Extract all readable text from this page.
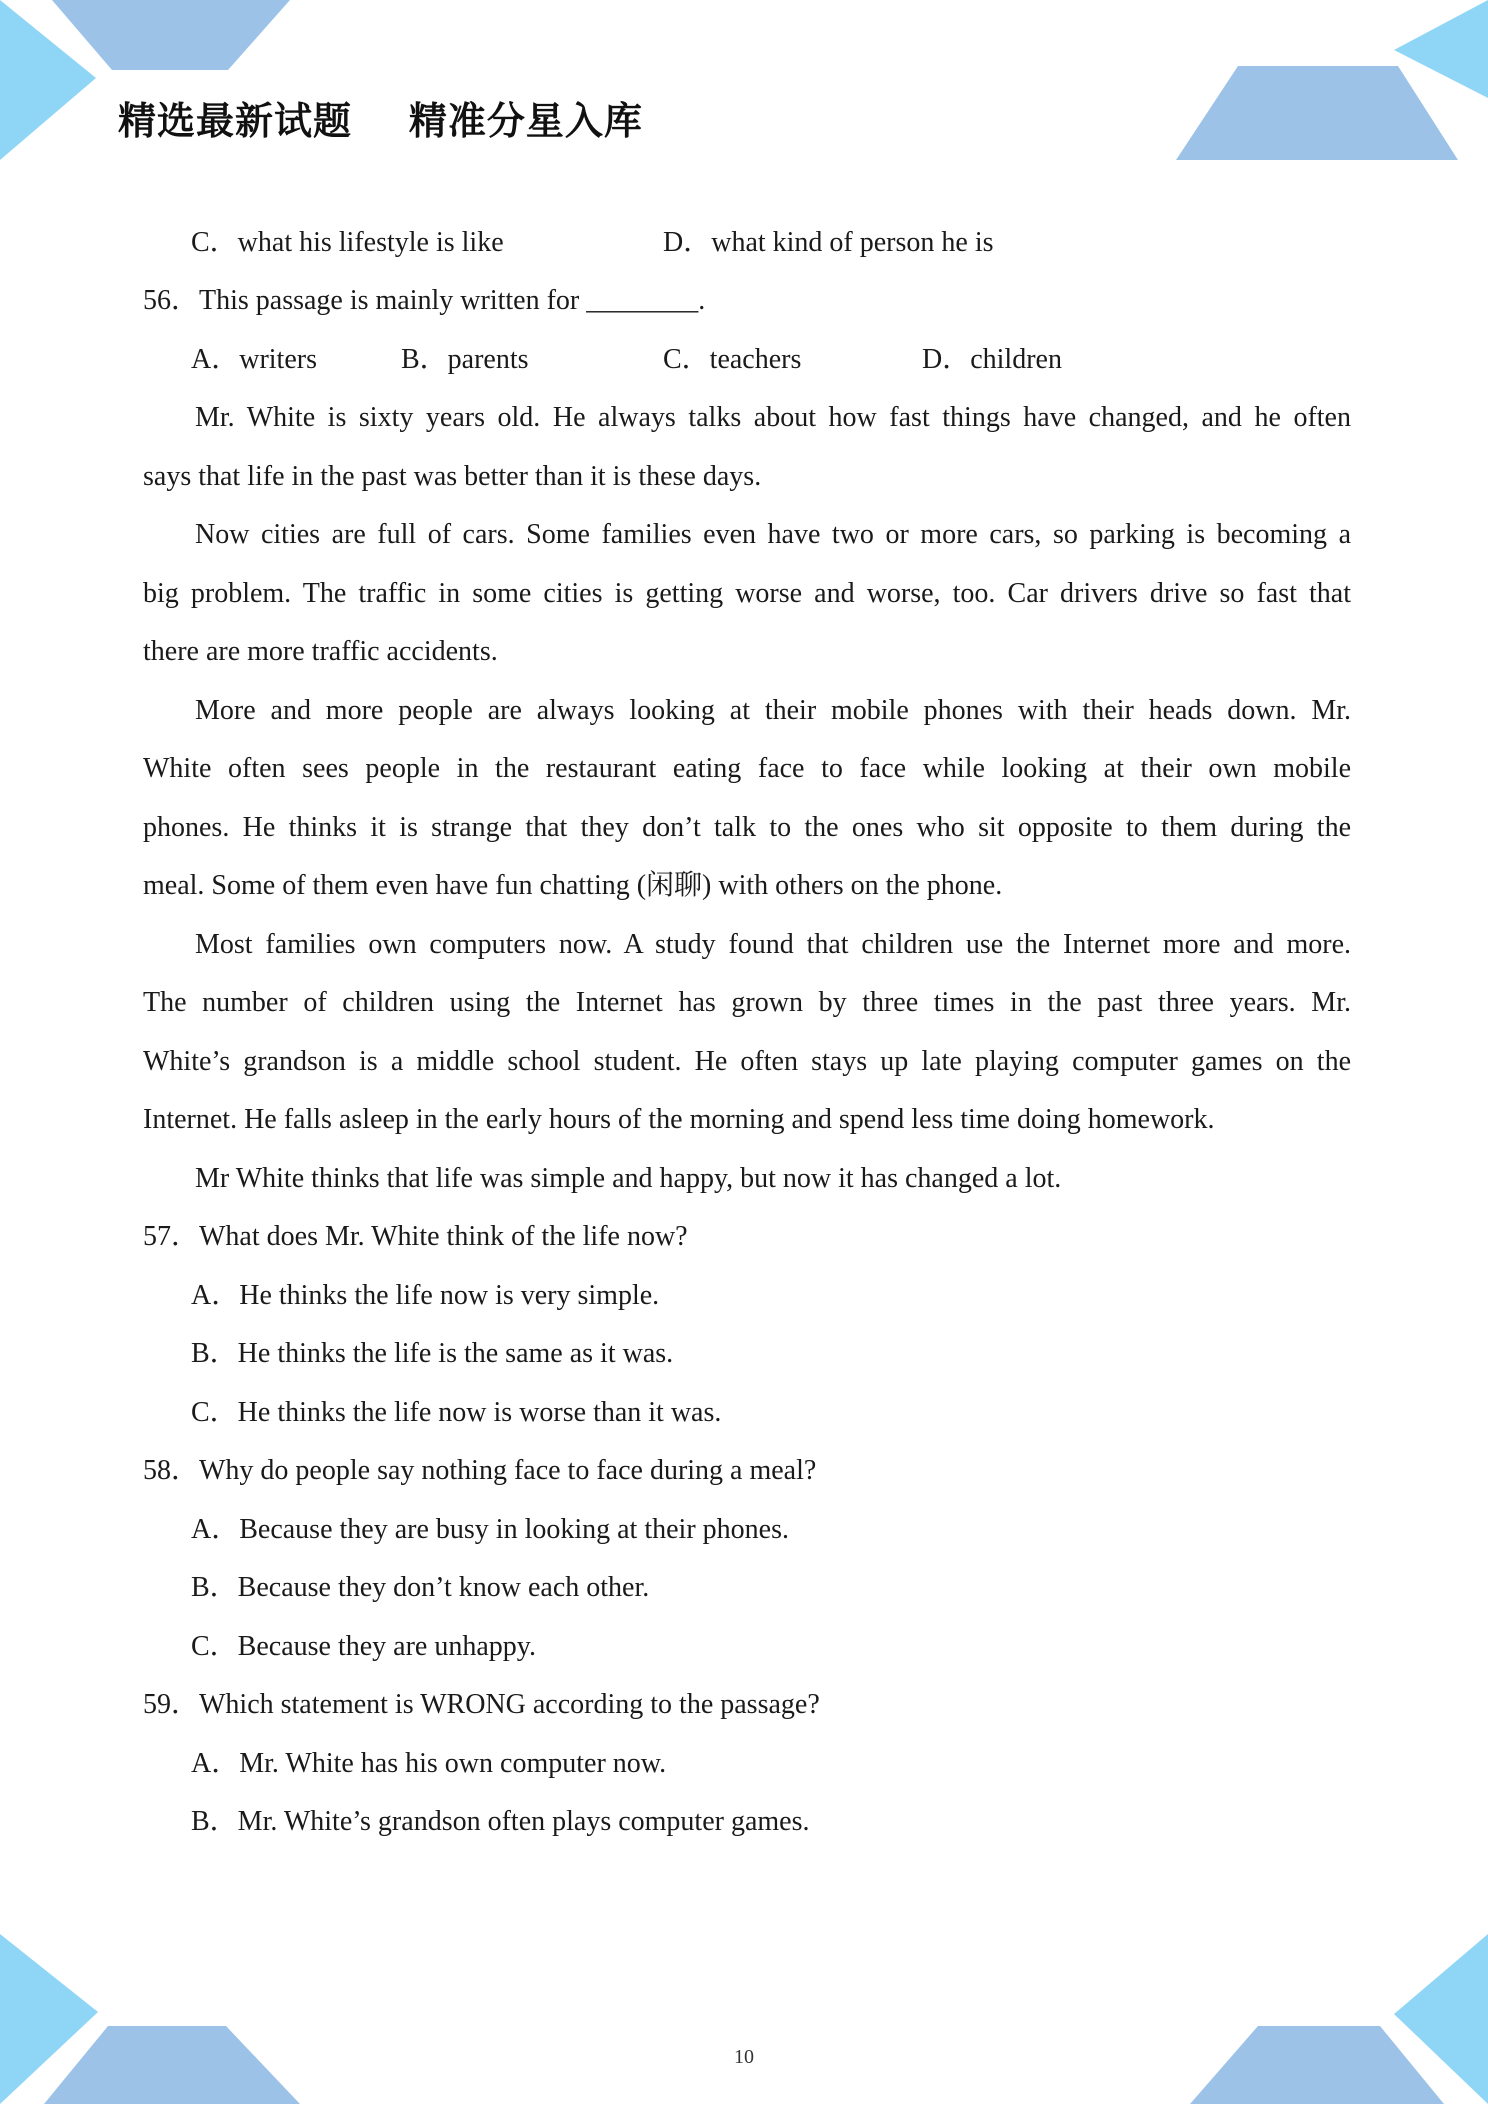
精选最新试题    精准分星入库
C．what his lifestyle is like	D．what kind of person he is
56．This passage is mainly written for ________.
A．writers	B．parents	C．teachers	D．children
Mr. White is sixty years old. He always talks about how fast things have changed, and he often
says that life in the past was better than it is these days.
Now cities are full of cars. Some families even have two or more cars, so parking is becoming a
big problem. The traffic in some cities is getting worse and worse, too. Car drivers drive so fast that
there are more traffic accidents.
More and more people are always looking at their mobile phones with their heads down. Mr.
White often sees people in the restaurant eating face to face while looking at their own mobile
phones. He thinks it is strange that they don’t talk to the ones who sit opposite to them during the
meal. Some of them even have fun chatting (闲聊) with others on the phone.
Most families own computers now. A study found that children use the Internet more and more.
The number of children using the Internet has grown by three times in the past three years. Mr.
White’s grandson is a middle school student. He often stays up late playing computer games on the
Internet. He falls asleep in the early hours of the morning and spend less time doing homework.
Mr White thinks that life was simple and happy, but now it has changed a lot.
57．What does Mr. White think of the life now?
A．He thinks the life now is very simple.
B．He thinks the life is the same as it was.
C．He thinks the life now is worse than it was.
58．Why do people say nothing face to face during a meal?
A．Because they are busy in looking at their phones.
B．Because they don’t know each other.
C．Because they are unhappy.
59．Which statement is WRONG according to the passage?
A．Mr. White has his own computer now.
B．Mr. White’s grandson often plays computer games.
10
